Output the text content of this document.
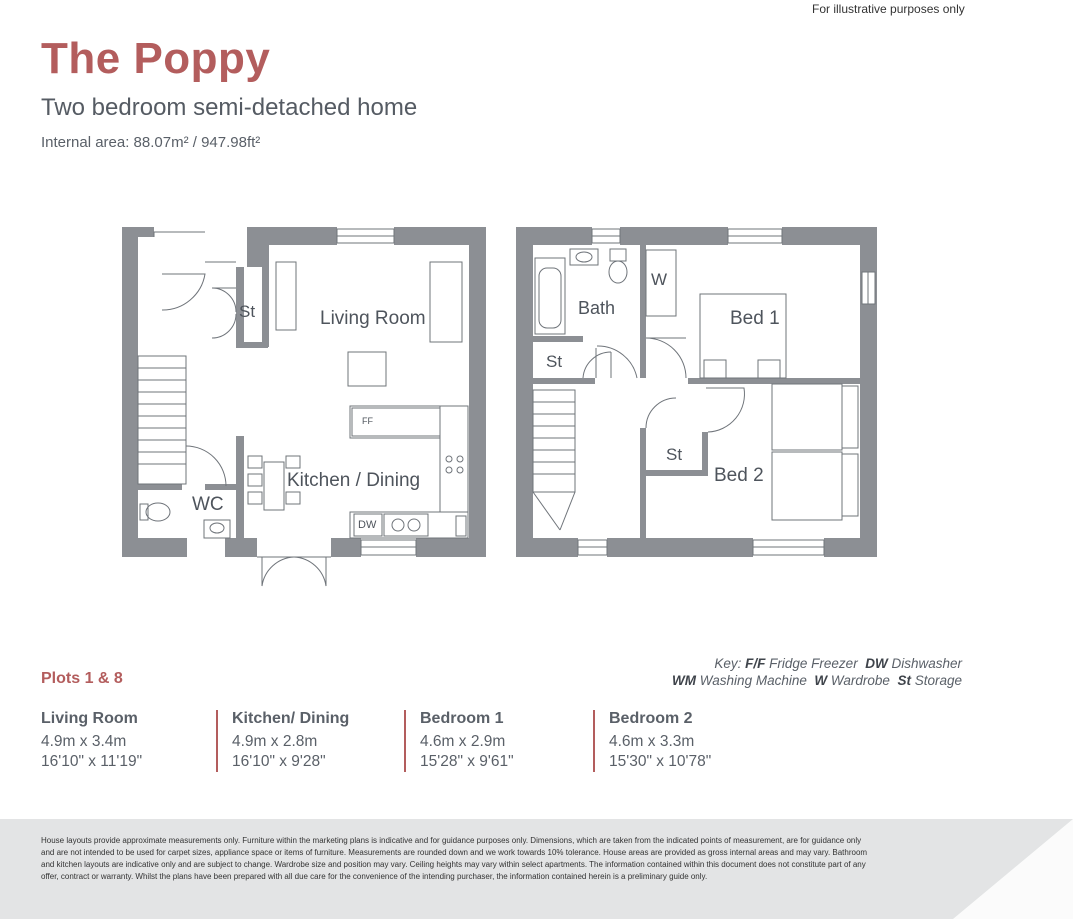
For illustrative purposes only
The Poppy
Two bedroom semi-detached home
Internal area: 88.07m² / 947.98ft²
St	Living Room
FF
Kitchen / Dining
DW
WC
Bath
W
Bed 1
St
St
Bed 2
Plots 1 & 8
Key: F/F Fridge Freezer DW Dishwasher
WM Washing Machine W Wardrobe St Storage
Living Room
4.9m x 3.4m
16'10" x 11'19"
Kitchen/ Dining
4.9m x 2.8m
16'10" x 9'28"
Bedroom 1
4.6m x 2.9m
15'28" x 9'61"
Bedroom 2
4.6m x 3.3m
15'30" x 10'78"
House layouts provide approximate measurements only. Furniture within the marketing plans is indicative and for guidance purposes only. Dimensions, which are taken from the indicated points of measurement, are for guidance only and are not intended to be used for carpet sizes, appliance space or items of furniture. Measurements are rounded down and we work towards 10% tolerance. House areas are provided as gross internal areas and may vary. Bathroom and kitchen layouts are indicative only and are subject to change. Wardrobe size and position may vary. Ceiling heights may vary within select apartments. The information contained within this document does not constitute part of any offer, contract or warranty. Whilst the plans have been prepared with all due care for the convenience of the intending purchaser, the information contained herein is a preliminary guide only.
